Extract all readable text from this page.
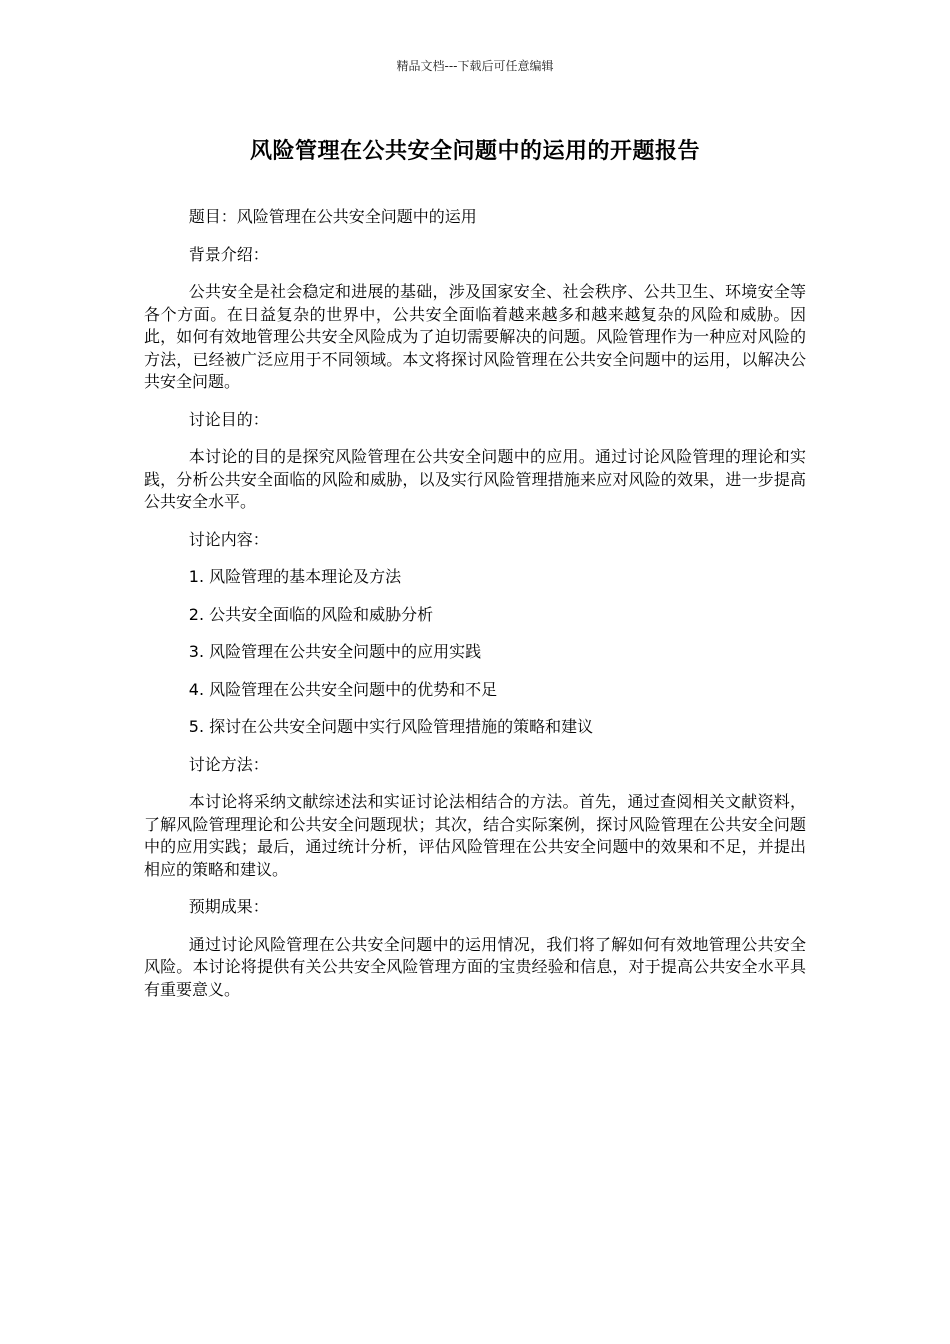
精品文档---下载后可任意编辑
风险管理在公共安全问题中的运用的开题报告

题目：风险管理在公共安全问题中的运用

背景介绍：

公共安全是社会稳定和进展的基础，涉及国家安全、社会秩序、公共卫生、环境安全等各个方面。在日益复杂的世界中，公共安全面临着越来越多和越来越复杂的风险和威胁。因此，如何有效地管理公共安全风险成为了迫切需要解决的问题。风险管理作为一种应对风险的方法，已经被广泛应用于不同领域。本文将探讨风险管理在公共安全问题中的运用，以解决公共安全问题。

讨论目的：

本讨论的目的是探究风险管理在公共安全问题中的应用。通过讨论风险管理的理论和实践，分析公共安全面临的风险和威胁，以及实行风险管理措施来应对风险的效果，进一步提高公共安全水平。

讨论内容：

1. 风险管理的基本理论及方法

2. 公共安全面临的风险和威胁分析

3. 风险管理在公共安全问题中的应用实践

4. 风险管理在公共安全问题中的优势和不足

5. 探讨在公共安全问题中实行风险管理措施的策略和建议

讨论方法：

本讨论将采纳文献综述法和实证讨论法相结合的方法。首先，通过查阅相关文献资料，了解风险管理理论和公共安全问题现状；其次，结合实际案例，探讨风险管理在公共安全问题中的应用实践；最后，通过统计分析，评估风险管理在公共安全问题中的效果和不足，并提出相应的策略和建议。

预期成果：

通过讨论风险管理在公共安全问题中的运用情况，我们将了解如何有效地管理公共安全风险。本讨论将提供有关公共安全风险管理方面的宝贵经验和信息，对于提高公共安全水平具有重要意义。
